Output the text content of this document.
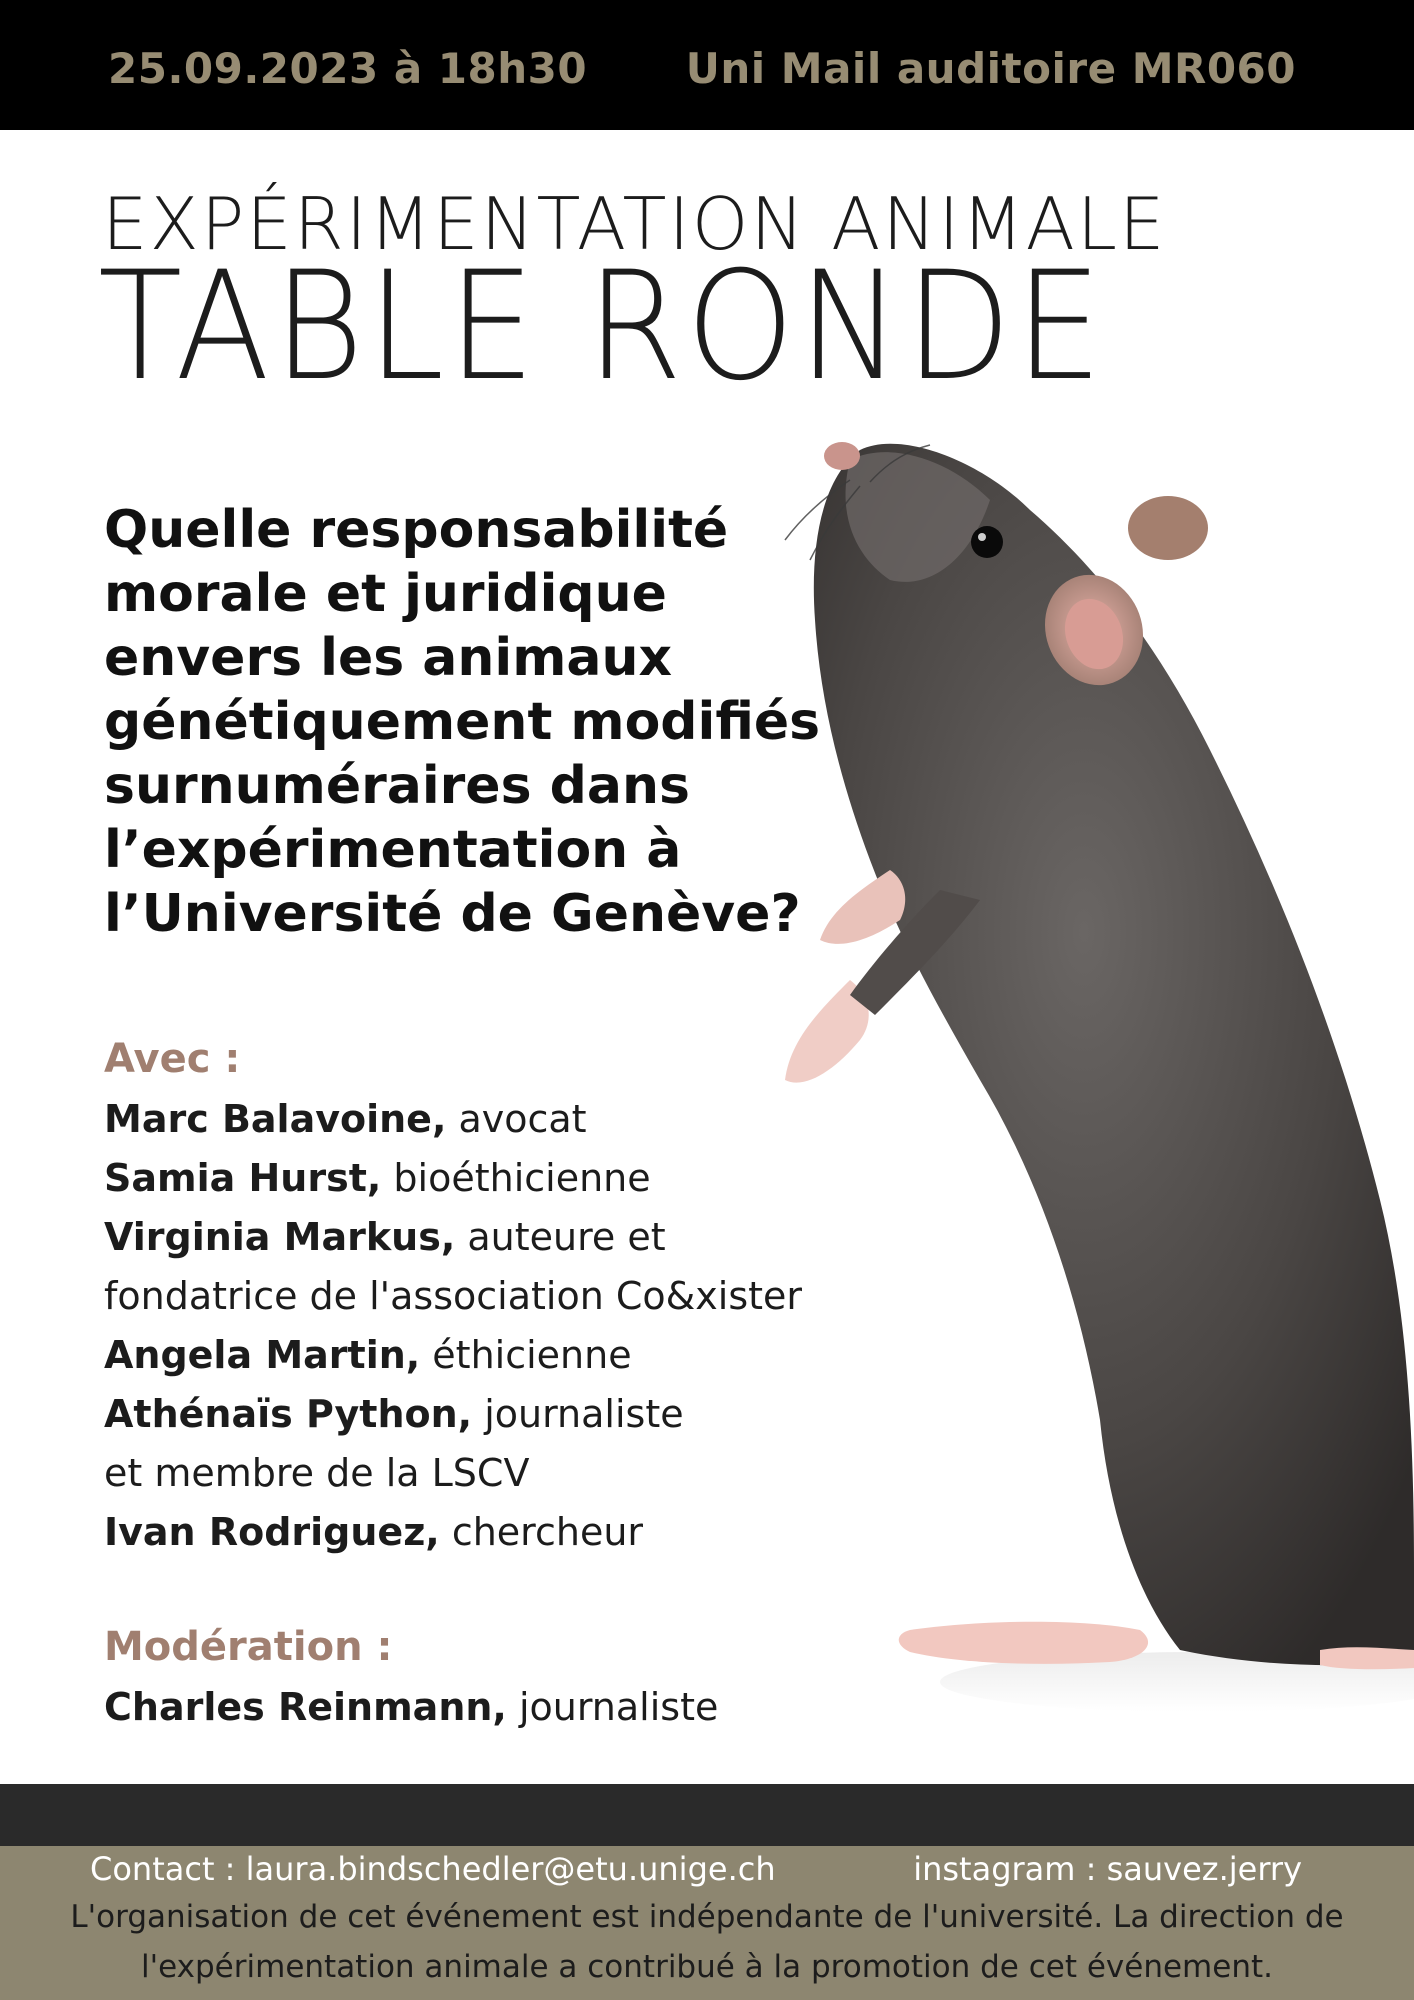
25.09.2023 à 18h30 Uni Mail auditoire MR060
EXPÉRIMENTATION ANIMALE
TABLE RONDE
Quelle responsabilité
morale et juridique
envers les animaux
génétiquement modifiés
surnuméraires dans
l’expérimentation à
l’Université de Genève?
Avec :
Marc Balavoine, avocat
Samia Hurst, bioéthicienne
Virginia Markus, auteure et
fondatrice de l'association Co&xister
Angela Martin, éthicienne
Athénaïs Python, journaliste
et membre de la LSCV
Ivan Rodriguez, chercheur
Modération :
Charles Reinmann, journaliste
Contact : laura.bindschedler@etu.unige.ch	instagram : sauvez.jerry
L'organisation de cet événement est indépendante de l'université. La direction de
l'expérimentation animale a contribué à la promotion de cet événement.
